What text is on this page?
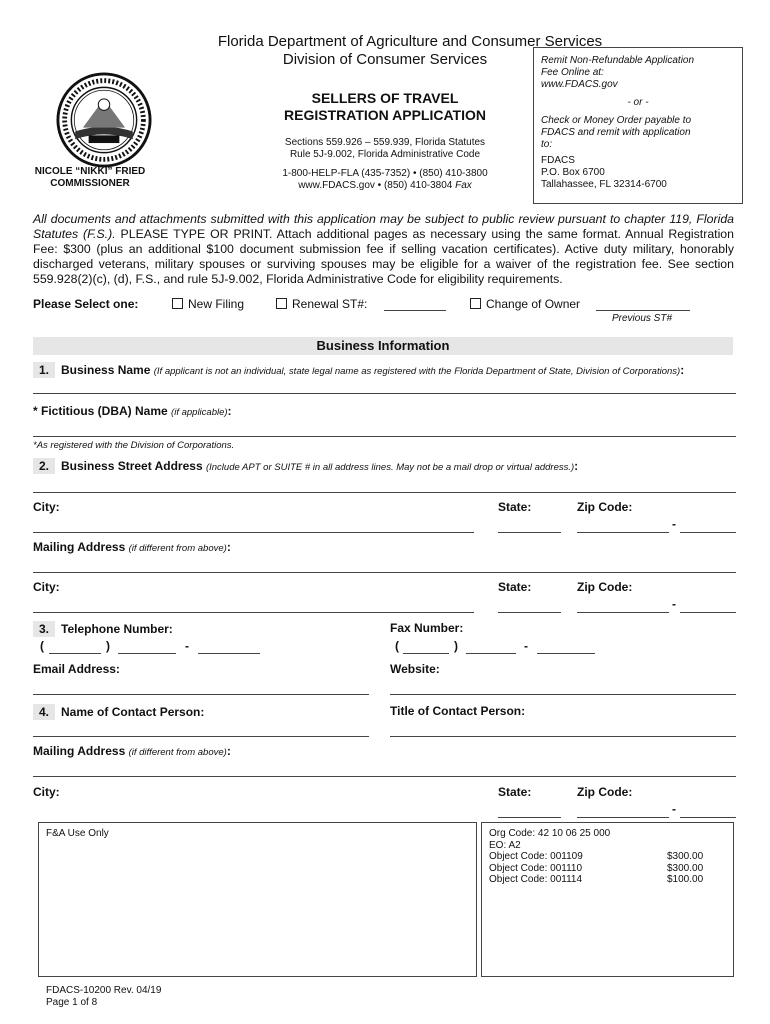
Florida Department of Agriculture and Consumer Services
Division of Consumer Services
NICOLE “NIKKI” FRIED
COMMISSIONER
SELLERS OF TRAVEL
REGISTRATION APPLICATION
Sections 559.926 – 559.939, Florida Statutes
Rule 5J-9.002, Florida Administrative Code
1-800-HELP-FLA (435-7352) • (850) 410-3800
www.FDACS.gov • (850) 410-3804 Fax
Remit Non-Refundable Application
Fee Online at:
www.FDACS.gov
- or -
Check or Money Order payable to
FDACS and remit with application
to:
FDACS
P.O. Box 6700
Tallahassee, FL 32314-6700
All documents and attachments submitted with this application may be subject to public review pursuant to chapter 119, Florida Statutes (F.S.). PLEASE TYPE OR PRINT. Attach additional pages as necessary using the same format. Annual Registration Fee: $300 (plus an additional $100 document submission fee if selling vacation certificates). Active duty military, honorably discharged veterans, military spouses or surviving spouses may be eligible for a waiver of the registration fee. See section 559.928(2)(c), (d), F.S., and rule 5J-9.002, Florida Administrative Code for eligibility requirements.
Please Select one:	New Filing	Renewal ST#:	Change of Owner
Previous ST#
Business Information
1. Business Name (If applicant is not an individual, state legal name as registered with the Florida Department of State, Division of Corporations):
* Fictitious (DBA) Name (if applicable):
*As registered with the Division of Corporations.
2. Business Street Address (Include APT or SUITE # in all address lines. May not be a mail drop or virtual address.):
City:	State:	Zip Code:
-
Mailing Address (if different from above):
City:	State:	Zip Code:
-
3. Telephone Number:
(	)	-
Fax Number:
(	)	-
Email Address:	Website:
4. Name of Contact Person:	Title of Contact Person:
Mailing Address (if different from above):
City:	State:	Zip Code:
-
F&A Use Only	Org Code: 42 10 06 25 000
EO: A2
Object Code: 001109	$300.00
Object Code: 001110	$300.00
Object Code: 001114	$100.00
FDACS-10200 Rev. 04/19
Page 1 of 8
